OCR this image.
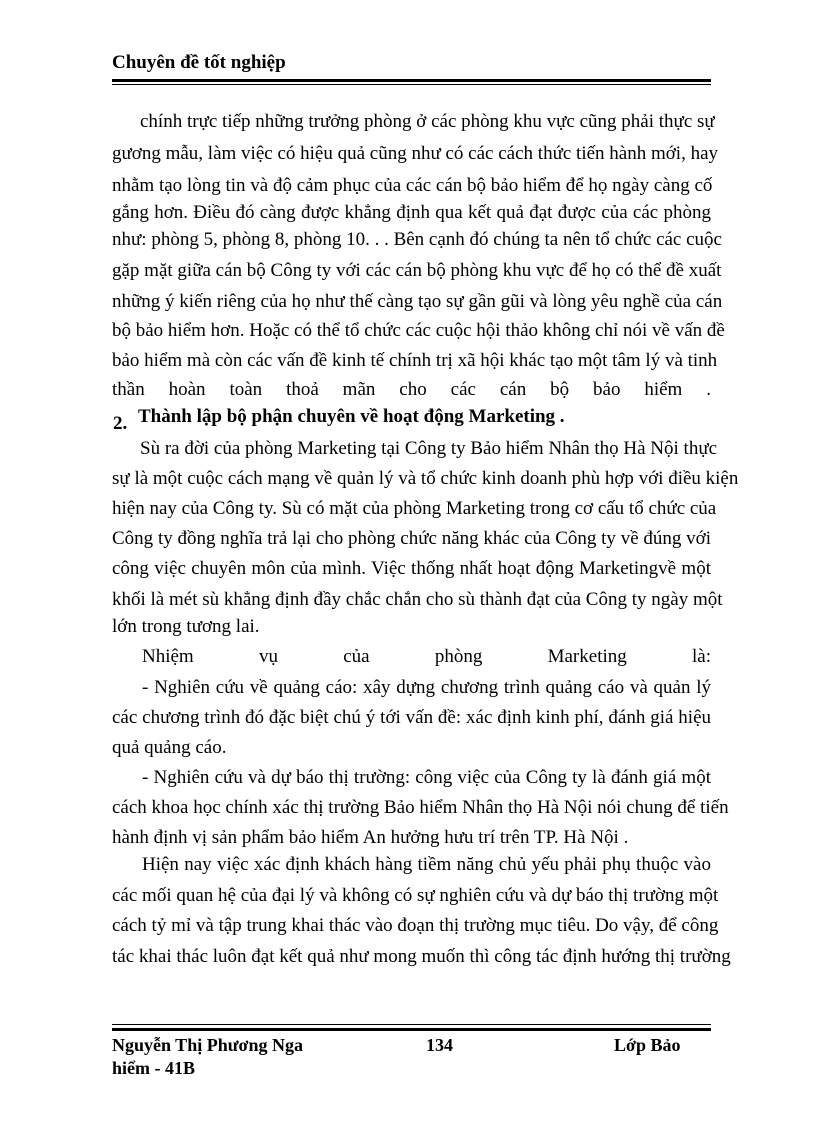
Chuyên đề tốt nghiệp
chính trực tiếp những trưởng phòng ở các phòng khu vực cũng phải thực sự
gương mẫu, làm việc có hiệu quả cũng như có các cách thức tiến hành mới, hay
nhằm tạo lòng tin và độ cảm phục của các cán bộ bảo hiểm để họ ngày càng cố
gắng hơn. Điều đó càng được khẳng định qua kết quả đạt được của các phòng
như: phòng 5, phòng 8, phòng 10. . . Bên cạnh đó chúng ta nên tổ chức các cuộc
gặp mặt giữa cán bộ Công ty với các cán bộ phòng khu vực để họ có thể đề xuất
những ý kiến riêng của họ như thế càng tạo sự gần gũi và lòng yêu nghề của cán
bộ bảo hiểm hơn. Hoặc có thể tổ chức các cuộc hội thảo không chỉ nói về vấn đề
bảo hiểm mà còn các vấn đề kinh tế chính trị xã hội khác tạo một tâm lý và tinh
thần hoàn toàn thoả mãn cho các cán bộ bảo hiểm .
2. Thành lập bộ phận chuyên về hoạt động Marketing .
Sù ra đời của phòng Marketing tại Công ty Bảo hiểm Nhân thọ Hà Nội thực
sự là một cuộc cách mạng về quản lý và tổ chức kinh doanh phù hợp với điều kiện
hiện nay của Công ty. Sù có mặt của phòng Marketing trong cơ cấu tổ chức của
Công ty đồng nghĩa trả lại cho phòng chức năng khác của Công ty về đúng với
công việc chuyên môn của mình. Việc thống nhất hoạt động Marketingvề một
khối là mét sù khẳng định đầy chắc chắn cho sù thành đạt của Công ty ngày một
lớn trong tương lai.
Nhiệm vụ của phòng Marketing là:
- Nghiên cứu về quảng cáo: xây dựng chương trình quảng cáo và quản lý
các chương trình đó đặc biệt chú ý tới vấn đề: xác định kinh phí, đánh giá hiệu
quả quảng cáo.
- Nghiên cứu và dự báo thị trường: công việc của Công ty là đánh giá một
cách khoa học chính xác thị trường Bảo hiểm Nhân thọ Hà Nội nói chung để tiến
hành định vị sản phẩm bảo hiểm An hưởng hưu trí trên TP. Hà Nội .
Hiện nay việc xác định khách hàng tiềm năng chủ yếu phải phụ thuộc vào
các mối quan hệ của đại lý và không có sự nghiên cứu và dự báo thị trường một
cách tỷ mỉ và tập trung khai thác vào đoạn thị trường mục tiêu. Do vậy, để công
tác khai thác luôn đạt kết quả như mong muốn thì công tác định hướng thị trường
Nguyễn Thị Phương Nga	134	Lớp Bảo
hiểm - 41B
